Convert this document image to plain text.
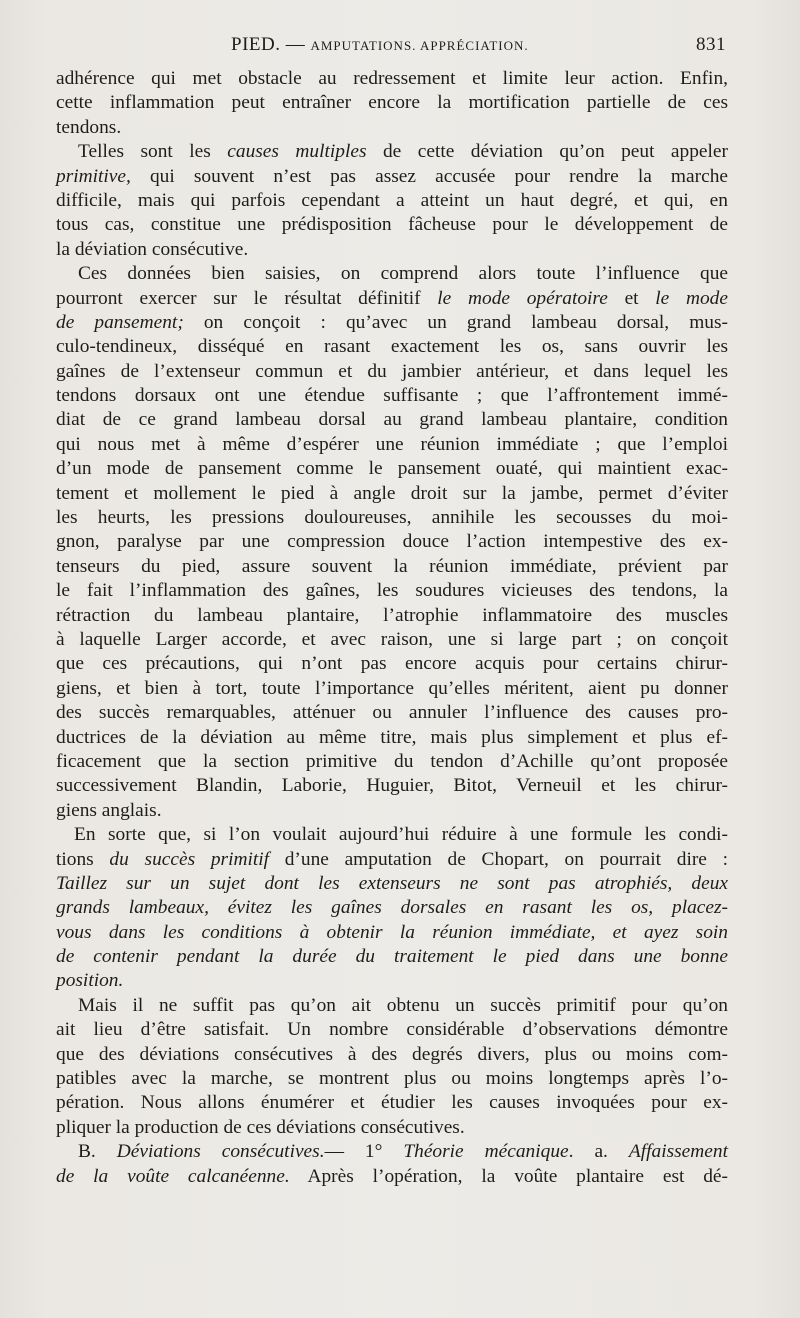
PIED. — AMPUTATIONS. APPRÉCIATION.	831
adhérence qui met obstacle au redressement et limite leur action. Enfin,
cette inflammation peut entraîner encore la mortification partielle de ces
tendons.
Telles sont les causes multiples de cette déviation qu’on peut appeler
primitive, qui souvent n’est pas assez accusée pour rendre la marche
difficile, mais qui parfois cependant a atteint un haut degré, et qui, en
tous cas, constitue une prédisposition fâcheuse pour le développement de
la déviation consécutive.
Ces données bien saisies, on comprend alors toute l’influence que
pourront exercer sur le résultat définitif le mode opératoire et le mode
de pansement; on conçoit : qu’avec un grand lambeau dorsal, mus-
culo-tendineux, disséqué en rasant exactement les os, sans ouvrir les
gaînes de l’extenseur commun et du jambier antérieur, et dans lequel les
tendons dorsaux ont une étendue suffisante ; que l’affrontement immé-
diat de ce grand lambeau dorsal au grand lambeau plantaire, condition
qui nous met à même d’espérer une réunion immédiate ; que l’emploi
d’un mode de pansement comme le pansement ouaté, qui maintient exac-
tement et mollement le pied à angle droit sur la jambe, permet d’éviter
les heurts, les pressions douloureuses, annihile les secousses du moi-
gnon, paralyse par une compression douce l’action intempestive des ex-
tenseurs du pied, assure souvent la réunion immédiate, prévient par
le fait l’inflammation des gaînes, les soudures vicieuses des tendons, la
rétraction du lambeau plantaire, l’atrophie inflammatoire des muscles
à laquelle Larger accorde, et avec raison, une si large part ; on conçoit
que ces précautions, qui n’ont pas encore acquis pour certains chirur-
giens, et bien à tort, toute l’importance qu’elles méritent, aient pu donner
des succès remarquables, atténuer ou annuler l’influence des causes pro-
ductrices de la déviation au même titre, mais plus simplement et plus ef-
ficacement que la section primitive du tendon d’Achille qu’ont proposée
successivement Blandin, Laborie, Huguier, Bitot, Verneuil et les chirur-
giens anglais.
En sorte que, si l’on voulait aujourd’hui réduire à une formule les condi-
tions du succès primitif d’une amputation de Chopart, on pourrait dire :
Taillez sur un sujet dont les extenseurs ne sont pas atrophiés, deux
grands lambeaux, évitez les gaînes dorsales en rasant les os, placez-
vous dans les conditions à obtenir la réunion immédiate, et ayez soin
de contenir pendant la durée du traitement le pied dans une bonne
position.
Mais il ne suffit pas qu’on ait obtenu un succès primitif pour qu’on
ait lieu d’être satisfait. Un nombre considérable d’observations démontre
que des déviations consécutives à des degrés divers, plus ou moins com-
patibles avec la marche, se montrent plus ou moins longtemps après l’o-
pération. Nous allons énumérer et étudier les causes invoquées pour ex-
pliquer la production de ces déviations consécutives.
B. Déviations consécutives.— 1° Théorie mécanique. a. Affaissement
de la voûte calcanéenne. Après l’opération, la voûte plantaire est dé-
